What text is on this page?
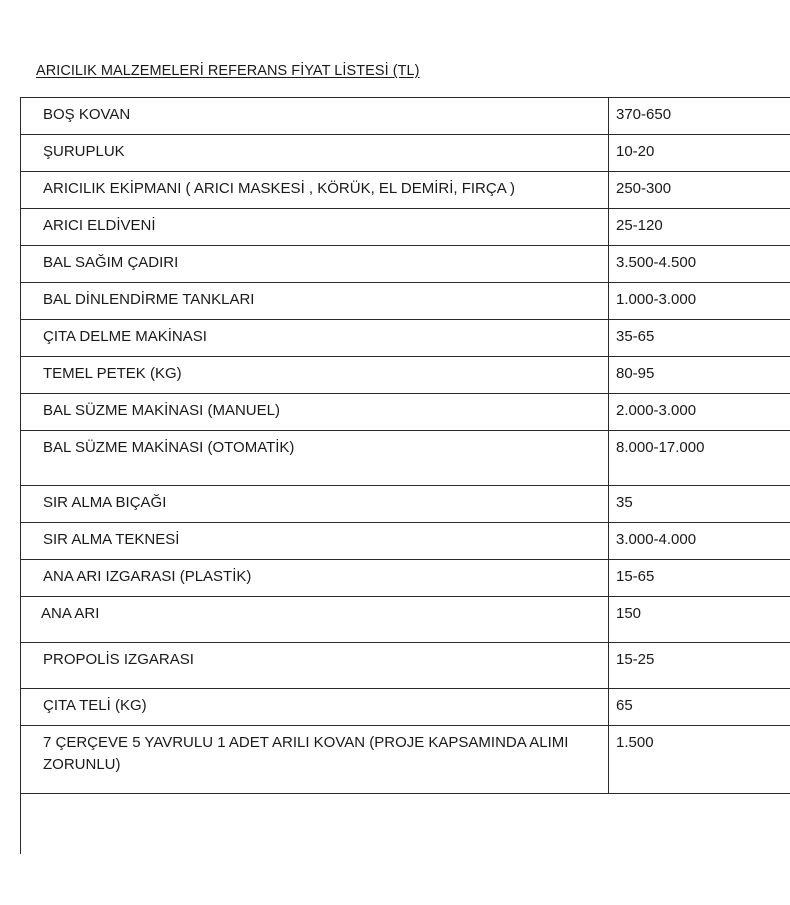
ARICILIK MALZEMELERİ REFERANS FİYAT LİSTESİ (TL)
BOŞ KOVAN	370-650
ŞURUPLUK	10-20
ARICILIK EKİPMANI ( ARICI MASKESİ , KÖRÜK, EL DEMİRİ, FIRÇA )	250-300
ARICI ELDİVENİ	25-120
BAL SAĞIM ÇADIRI	3.500-4.500
BAL DİNLENDİRME TANKLARI	1.000-3.000
ÇITA DELME MAKİNASI	35-65
TEMEL PETEK (KG)	80-95
BAL SÜZME MAKİNASI (MANUEL)	2.000-3.000
BAL SÜZME MAKİNASI (OTOMATİK)	8.000-17.000
SIR ALMA BIÇAĞI	35
SIR ALMA TEKNESİ	3.000-4.000
ANA ARI IZGARASI (PLASTİK)	15-65
ANA ARI	150
PROPOLİS IZGARASI	15-25
ÇITA TELİ (KG)	65
7 ÇERÇEVE 5 YAVRULU 1 ADET ARILI KOVAN (PROJE KAPSAMINDA ALIMI ZORUNLU)	1.500
